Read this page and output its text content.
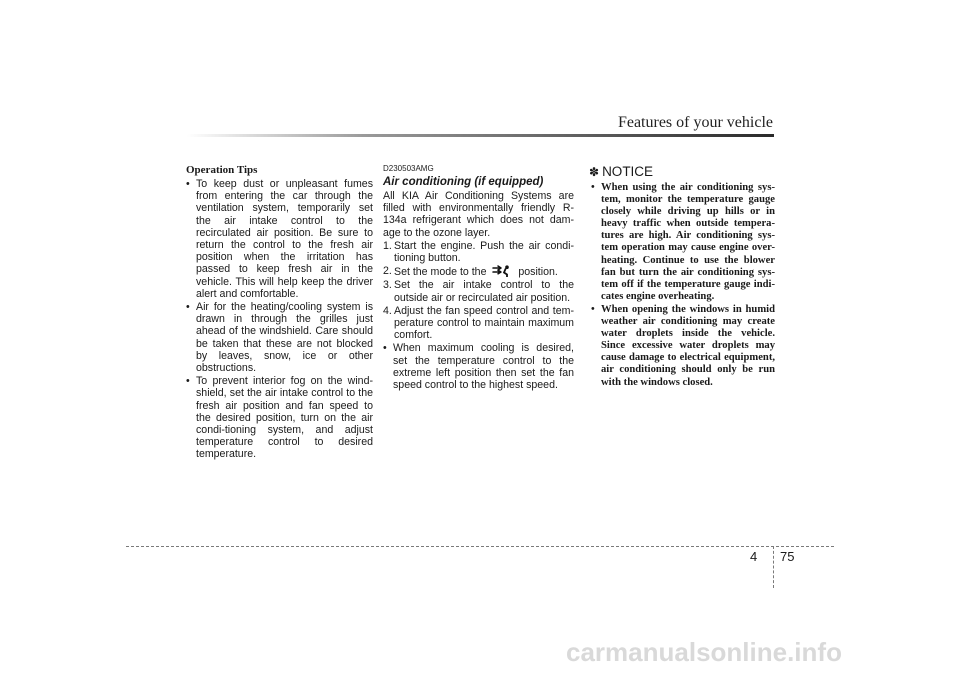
Features of your vehicle
Operation Tips
• To keep dust or unpleasant fumes from entering the car through the ventilation system, temporarily set the air intake control to the recirculated air position. Be sure to return the control to the fresh air position when the irritation has passed to keep fresh air in the vehicle. This will help keep the driver alert and comfortable.
• Air for the heating/cooling system is drawn in through the grilles just ahead of the windshield. Care should be taken that these are not blocked by leaves, snow, ice or other obstructions.
• To prevent interior fog on the wind-shield, set the air intake control to the fresh air position and fan speed to the desired position, turn on the air condi-tioning system, and adjust temperature control to desired temperature.
D230503AMG
Air conditioning (if equipped)
All KIA Air Conditioning Systems are filled with environmentally friendly R-134a refrigerant which does not dam-age to the ozone layer.
1. Start the engine. Push the air condi-tioning button.
2. Set the mode to the	position.
3. Set the air intake control to the outside air or recirculated air position.
4. Adjust the fan speed control and tem-perature control to maintain maximum comfort.
• When maximum cooling is desired, set the temperature control to the extreme left position then set the fan speed control to the highest speed.
✽ NOTICE
• When using the air conditioning sys-tem, monitor the temperature gauge closely while driving up hills or in heavy traffic when outside tempera-tures are high. Air conditioning sys-tem operation may cause engine over-heating. Continue to use the blower fan but turn the air conditioning sys-tem off if the temperature gauge indi-cates engine overheating.
• When opening the windows in humid weather air conditioning may create water droplets inside the vehicle. Since excessive water droplets may cause damage to electrical equipment, air conditioning should only be run with the windows closed.
4 75
carmanualsonline.info
